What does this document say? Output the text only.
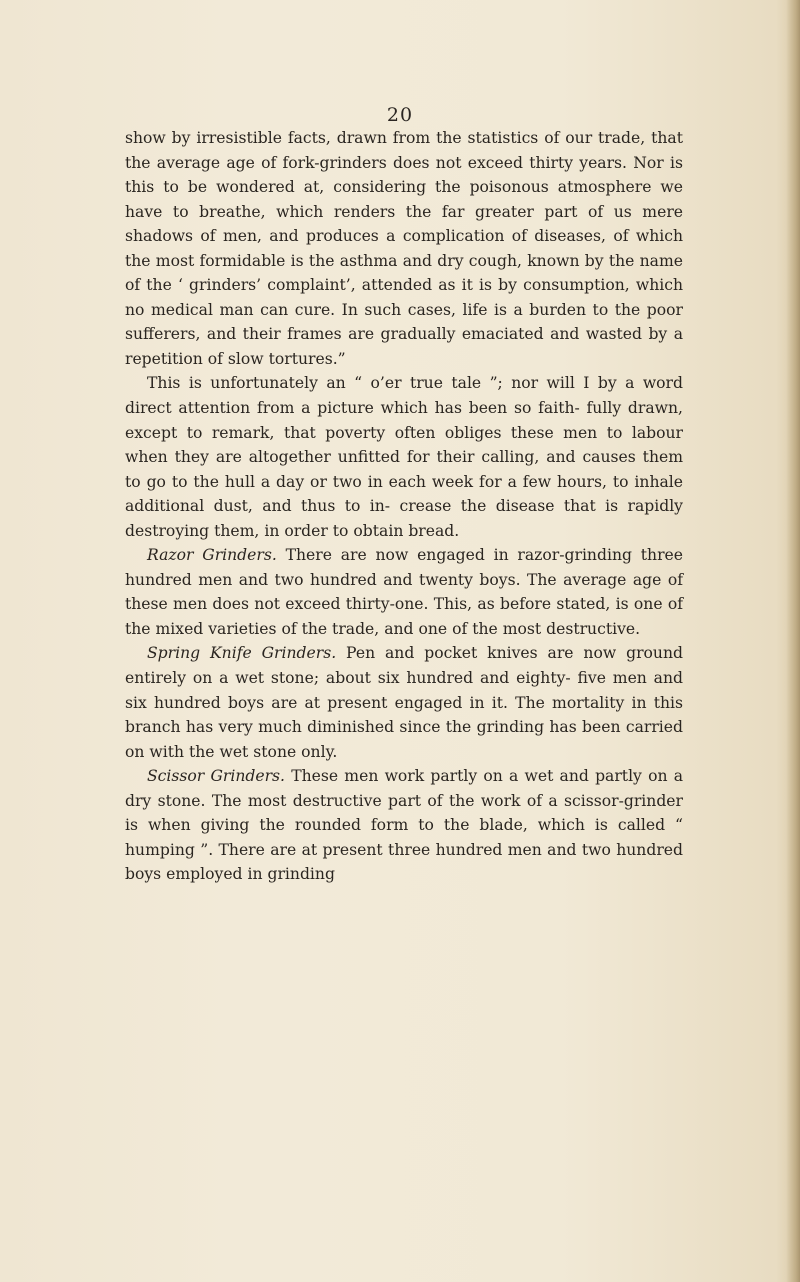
20

show by irresistible facts, drawn from the statistics of our trade, that the average age of fork-grinders does not exceed thirty years. Nor is this to be wondered at, considering the poisonous atmosphere we have to breathe, which renders the far greater part of us mere shadows of men, and produces a complication of diseases, of which the most formidable is the asthma and dry cough, known by the name of the ‘ grinders’ complaint’, attended as it is by consumption, which no medical man can cure. In such cases, life is a burden to the poor sufferers, and their frames are gradually emaciated and wasted by a repetition of slow tortures.”

This is unfortunately an “ o’er true tale ”; nor will I by a word direct attention from a picture which has been so faith- fully drawn, except to remark, that poverty often obliges these men to labour when they are altogether unfitted for their calling, and causes them to go to the hull a day or two in each week for a few hours, to inhale additional dust, and thus to in- crease the disease that is rapidly destroying them, in order to obtain bread.

Razor Grinders. There are now engaged in razor-grinding three hundred men and two hundred and twenty boys. The average age of these men does not exceed thirty-one. This, as before stated, is one of the mixed varieties of the trade, and one of the most destructive.

Spring Knife Grinders. Pen and pocket knives are now ground entirely on a wet stone; about six hundred and eighty- five men and six hundred boys are at present engaged in it. The mortality in this branch has very much diminished since the grinding has been carried on with the wet stone only.

Scissor Grinders. These men work partly on a wet and partly on a dry stone. The most destructive part of the work of a scissor-grinder is when giving the rounded form to the blade, which is called “ humping ”. There are at present three hundred men and two hundred boys employed in grinding
